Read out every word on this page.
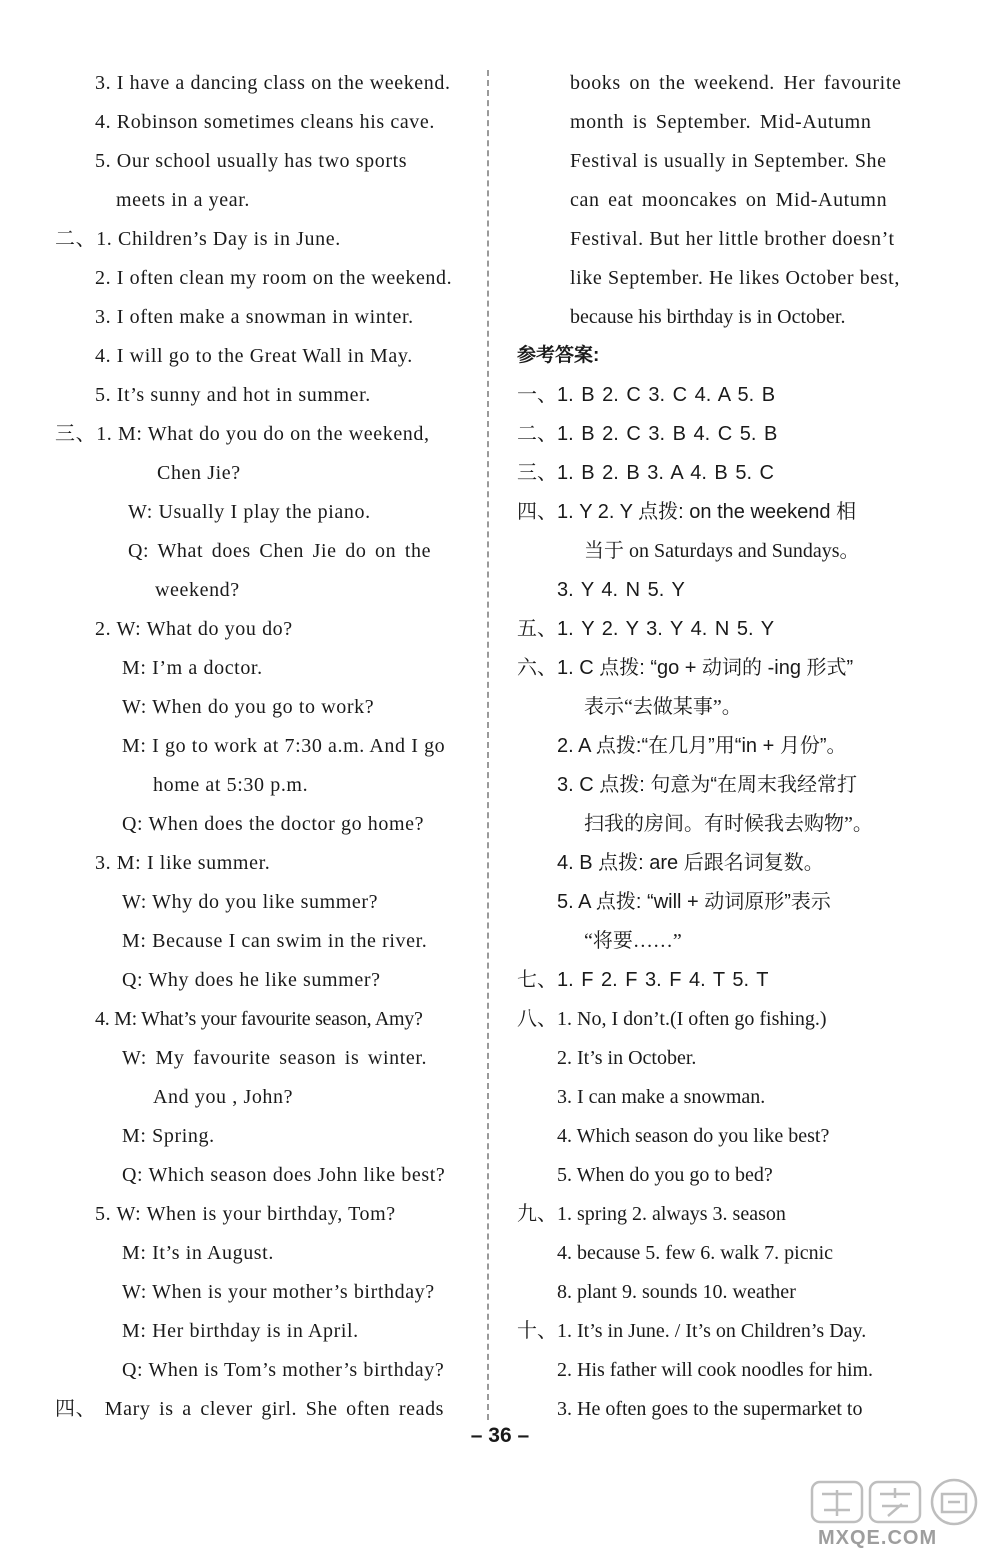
3. I have a dancing class on the weekend.
4. Robinson sometimes cleans his cave.
5. Our school usually has two sports
meets in a year.
二、1. Children’s Day is in June.
2. I often clean my room on the weekend.
3. I often make a snowman in winter.
4. I will go to the Great Wall in May.
5. It’s sunny and hot in summer.
三、1. M: What do you do on the weekend,
Chen Jie?
W: Usually I play the piano.
Q: What does Chen Jie do on the
weekend?
2. W: What do you do?
M: I’m a doctor.
W: When do you go to work?
M: I go to work at 7:30 a.m. And I go
home at 5:30 p.m.
Q: When does the doctor go home?
3. M: I like summer.
W: Why do you like summer?
M: Because I can swim in the river.
Q: Why does he like summer?
4. M: What’s your favourite season, Amy?
W: My favourite season is winter.
And you , John?
M: Spring.
Q: Which season does John like best?
5. W: When is your birthday, Tom?
M: It’s in August.
W: When is your mother’s birthday?
M: Her birthday is in April.
Q: When is Tom’s mother’s birthday?
四、 Mary is a clever girl. She often reads
books on the weekend. Her favourite
month is September. Mid-Autumn
Festival is usually in September. She
can eat mooncakes on Mid-Autumn
Festival. But her little brother doesn’t
like September. He likes October best,
because his birthday is in October.
参考答案:
一、1. B 2. C 3. C 4. A 5. B
二、1. B 2. C 3. B 4. C 5. B
三、1. B 2. B 3. A 4. B 5. C
四、1. Y 2. Y 点拨: on the weekend 相
当于 on Saturdays and Sundays。
3. Y 4. N 5. Y
五、1. Y 2. Y 3. Y 4. N 5. Y
六、1. C 点拨: “go + 动词的 -ing 形式”
表示“去做某事”。
2. A 点拨:“在几月”用“in + 月份”。
3. C 点拨: 句意为“在周末我经常打
扫我的房间。有时候我去购物”。
4. B 点拨: are 后跟名词复数。
5. A 点拨: “will + 动词原形”表示
“将要……”
七、1. F 2. F 3. F 4. T 5. T
八、1. No, I don’t.(I often go fishing.)
2. It’s in October.
3. I can make a snowman.
4. Which season do you like best?
5. When do you go to bed?
九、1. spring 2. always 3. season
4. because 5. few 6. walk 7. picnic
8. plant 9. sounds 10. weather
十、1. It’s in June. / It’s on Children’s Day.
2. His father will cook noodles for him.
3. He often goes to the supermarket to
– 36 –
MXQE.COM
